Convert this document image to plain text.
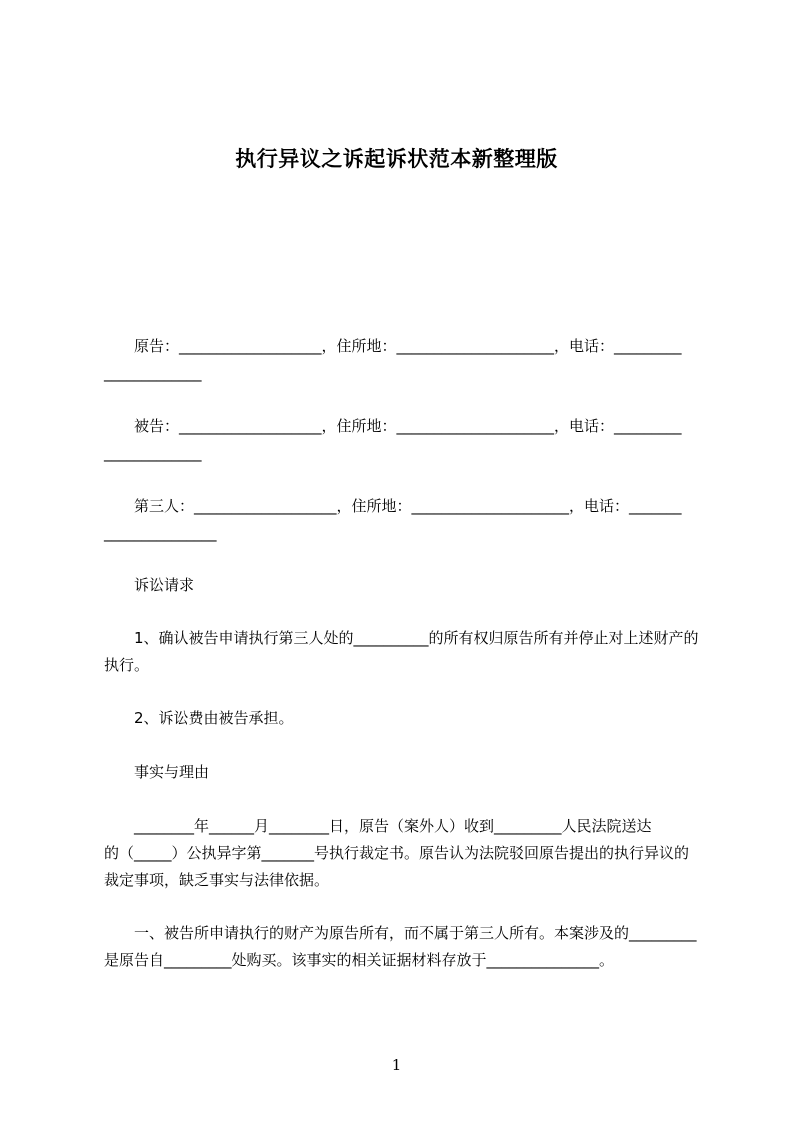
执行异议之诉起诉状范本新整理版
　　原告：___________________，住所地：_____________________，电话：_________
_____________
　　被告：___________________，住所地：_____________________，电话：_________
_____________
　　第三人：___________________，住所地：_____________________，电话：_______
_______________
　　诉讼请求
　　1、确认被告申请执行第三人处的__________的所有权归原告所有并停止对上述财产的执行。
　　2、诉讼费由被告承担。
　　事实与理由
　　________年______月________日，原告（案外人）收到_________人民法院送达
的（_____）公执异字第_______号执行裁定书。原告认为法院驳回原告提出的执行异议的裁定事项，缺乏事实与法律依据。
　　一、被告所申请执行的财产为原告所有，而不属于第三人所有。本案涉及的_________是原告自_________处购买。该事实的相关证据材料存放于_______________。
1
